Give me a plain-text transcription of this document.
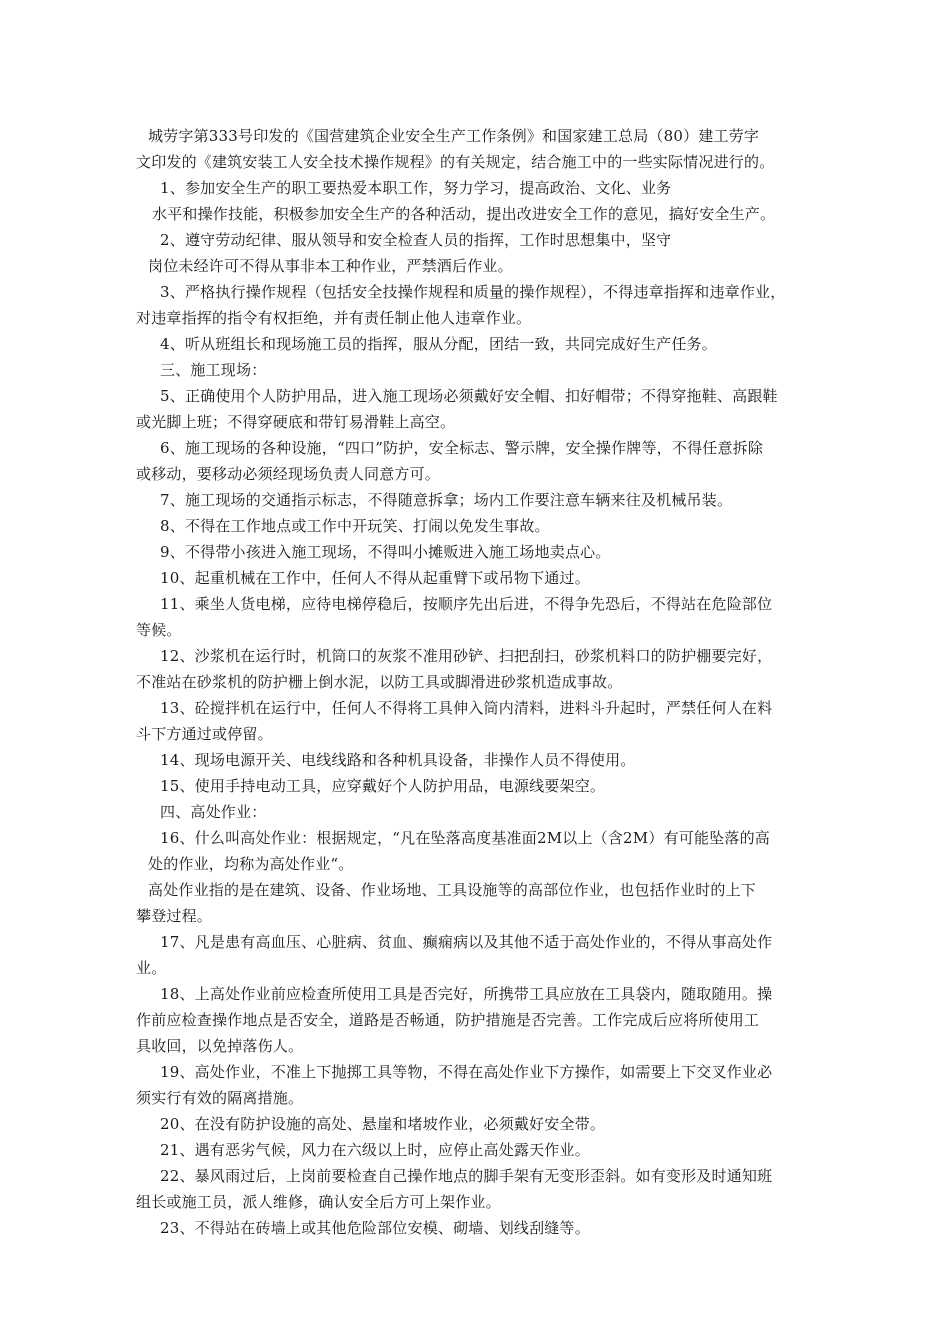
城劳字第333号印发的《国营建筑企业安全生产工作条例》和国家建工总局（80）建工劳字
文印发的《建筑安装工人安全技术操作规程》的有关规定，结合施工中的一些实际情况进行的。
1、参加安全生产的职工要热爱本职工作，努力学习，提高政治、文化、业务
水平和操作技能，积极参加安全生产的各种活动，提出改进安全工作的意见，搞好安全生产。
2、遵守劳动纪律、服从领导和安全检查人员的指挥，工作时思想集中，坚守
岗位未经许可不得从事非本工种作业，严禁酒后作业。
3、严格执行操作规程（包括安全技操作规程和质量的操作规程），不得违章指挥和违章作业，
对违章指挥的指令有权拒绝，并有责任制止他人违章作业。
4、听从班组长和现场施工员的指挥，服从分配，团结一致，共同完成好生产任务。
三、施工现场：
5、正确使用个人防护用品，进入施工现场必须戴好安全帽、扣好帽带；不得穿拖鞋、高跟鞋
或光脚上班；不得穿硬底和带钉易滑鞋上高空。
6、施工现场的各种设施，“四口”防护，安全标志、警示牌，安全操作牌等，不得任意拆除
或移动，要移动必须经现场负责人同意方可。
7、施工现场的交通指示标志，不得随意拆拿；场内工作要注意车辆来往及机械吊装。
8、不得在工作地点或工作中开玩笑、打闹以免发生事故。
9、不得带小孩进入施工现场，不得叫小摊贩进入施工场地卖点心。
10、起重机械在工作中，任何人不得从起重臂下或吊物下通过。
11、乘坐人货电梯，应待电梯停稳后，按顺序先出后进，不得争先恐后，不得站在危险部位
等候。
12、沙浆机在运行时，机筒口的灰浆不准用砂铲、扫把刮扫，砂浆机料口的防护棚要完好，
不准站在砂浆机的防护栅上倒水泥，以防工具或脚滑进砂浆机造成事故。
13、砼搅拌机在运行中，任何人不得将工具伸入筒内清料，进料斗升起时，严禁任何人在料
斗下方通过或停留。
14、现场电源开关、电线线路和各种机具设备，非操作人员不得使用。
15、使用手持电动工具，应穿戴好个人防护用品，电源线要架空。
四、高处作业：
16、什么叫高处作业：根据规定，“凡在坠落高度基准面2M以上（含2M）有可能坠落的高
处的作业，均称为高处作业“。
高处作业指的是在建筑、设备、作业场地、工具设施等的高部位作业，也包括作业时的上下
攀登过程。
17、凡是患有高血压、心脏病、贫血、癫痫病以及其他不适于高处作业的，不得从事高处作
业。
18、上高处作业前应检查所使用工具是否完好，所携带工具应放在工具袋内，随取随用。操
作前应检查操作地点是否安全，道路是否畅通，防护措施是否完善。工作完成后应将所使用工
具收回，以免掉落伤人。
19、高处作业，不准上下抛掷工具等物，不得在高处作业下方操作，如需要上下交叉作业必
须实行有效的隔离措施。
20、在没有防护设施的高处、悬崖和堵坡作业，必须戴好安全带。
21、遇有恶劣气候，风力在六级以上时，应停止高处露天作业。
22、暴风雨过后，上岗前要检查自己操作地点的脚手架有无变形歪斜。如有变形及时通知班
组长或施工员，派人维修，确认安全后方可上架作业。
23、不得站在砖墙上或其他危险部位安模、砌墙、划线刮缝等。
